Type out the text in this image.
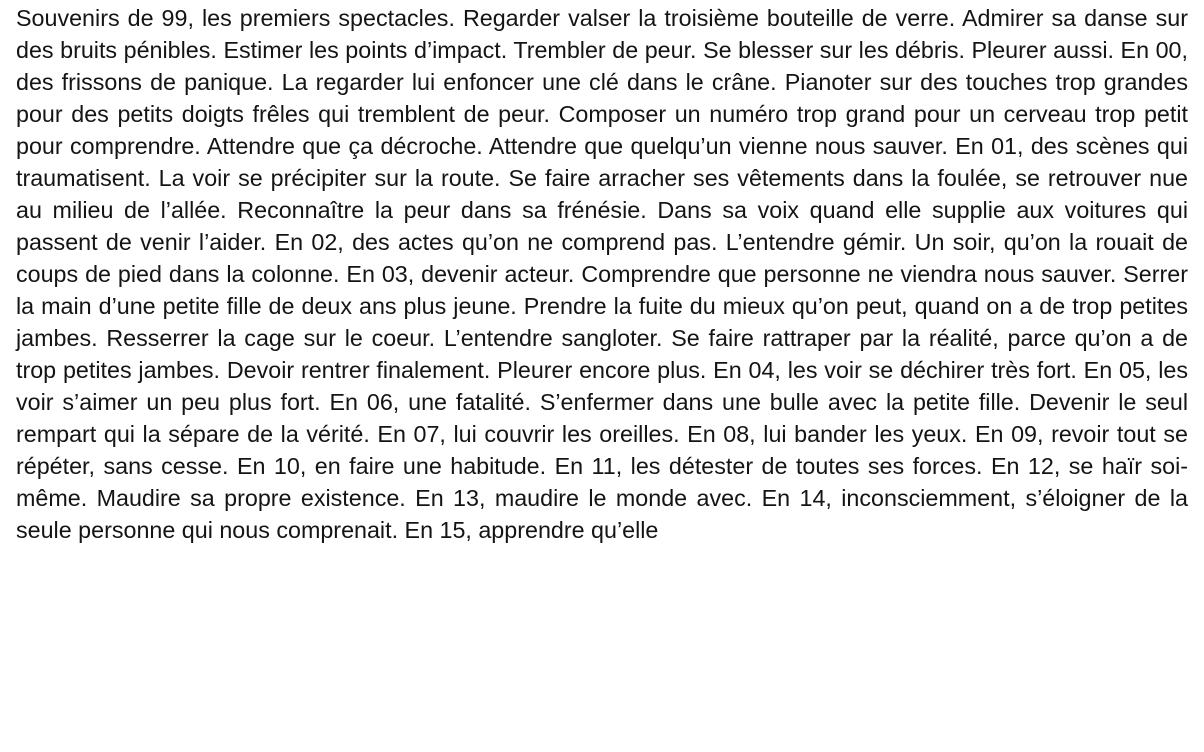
Souvenirs de 99, les premiers spectacles. Regarder valser la troisième bouteille de verre. Admirer sa danse sur des bruits pénibles. Estimer les points d’impact. Trembler de peur. Se blesser sur les débris. Pleurer aussi. En 00, des frissons de panique. La regarder lui enfoncer une clé dans le crâne. Pianoter sur des touches trop grandes pour des petits doigts frêles qui tremblent de peur. Composer un numéro trop grand pour un cerveau trop petit pour comprendre. Attendre que ça décroche. Attendre que quelqu’un vienne nous sauver. En 01, des scènes qui traumatisent. La voir se précipiter sur la route. Se faire arracher ses vêtements dans la foulée, se retrouver nue au milieu de l’allée. Reconnaître la peur dans sa frénésie. Dans sa voix quand elle supplie aux voitures qui passent de venir l’aider. En 02, des actes qu’on ne comprend pas. L’entendre gémir. Un soir, qu’on la rouait de coups de pied dans la colonne. En 03, devenir acteur. Comprendre que personne ne viendra nous sauver. Serrer la main d’une petite fille de deux ans plus jeune. Prendre la fuite du mieux qu’on peut, quand on a de trop petites jambes. Resserrer la cage sur le coeur. L’entendre sangloter. Se faire rattraper par la réalité, parce qu’on a de trop petites jambes. Devoir rentrer finalement. Pleurer encore plus. En 04, les voir se déchirer très fort. En 05, les voir s’aimer un peu plus fort. En 06, une fatalité. S’enfermer dans une bulle avec la petite fille. Devenir le seul rempart qui la sépare de la vérité. En 07, lui couvrir les oreilles. En 08, lui bander les yeux. En 09, revoir tout se répéter, sans cesse. En 10, en faire une habitude. En 11, les détester de toutes ses forces. En 12, se haïr soi-même. Maudire sa propre existence. En 13, maudire le monde avec. En 14, inconsciemment, s’éloigner de la seule personne qui nous comprenait. En 15, apprendre qu’elle
